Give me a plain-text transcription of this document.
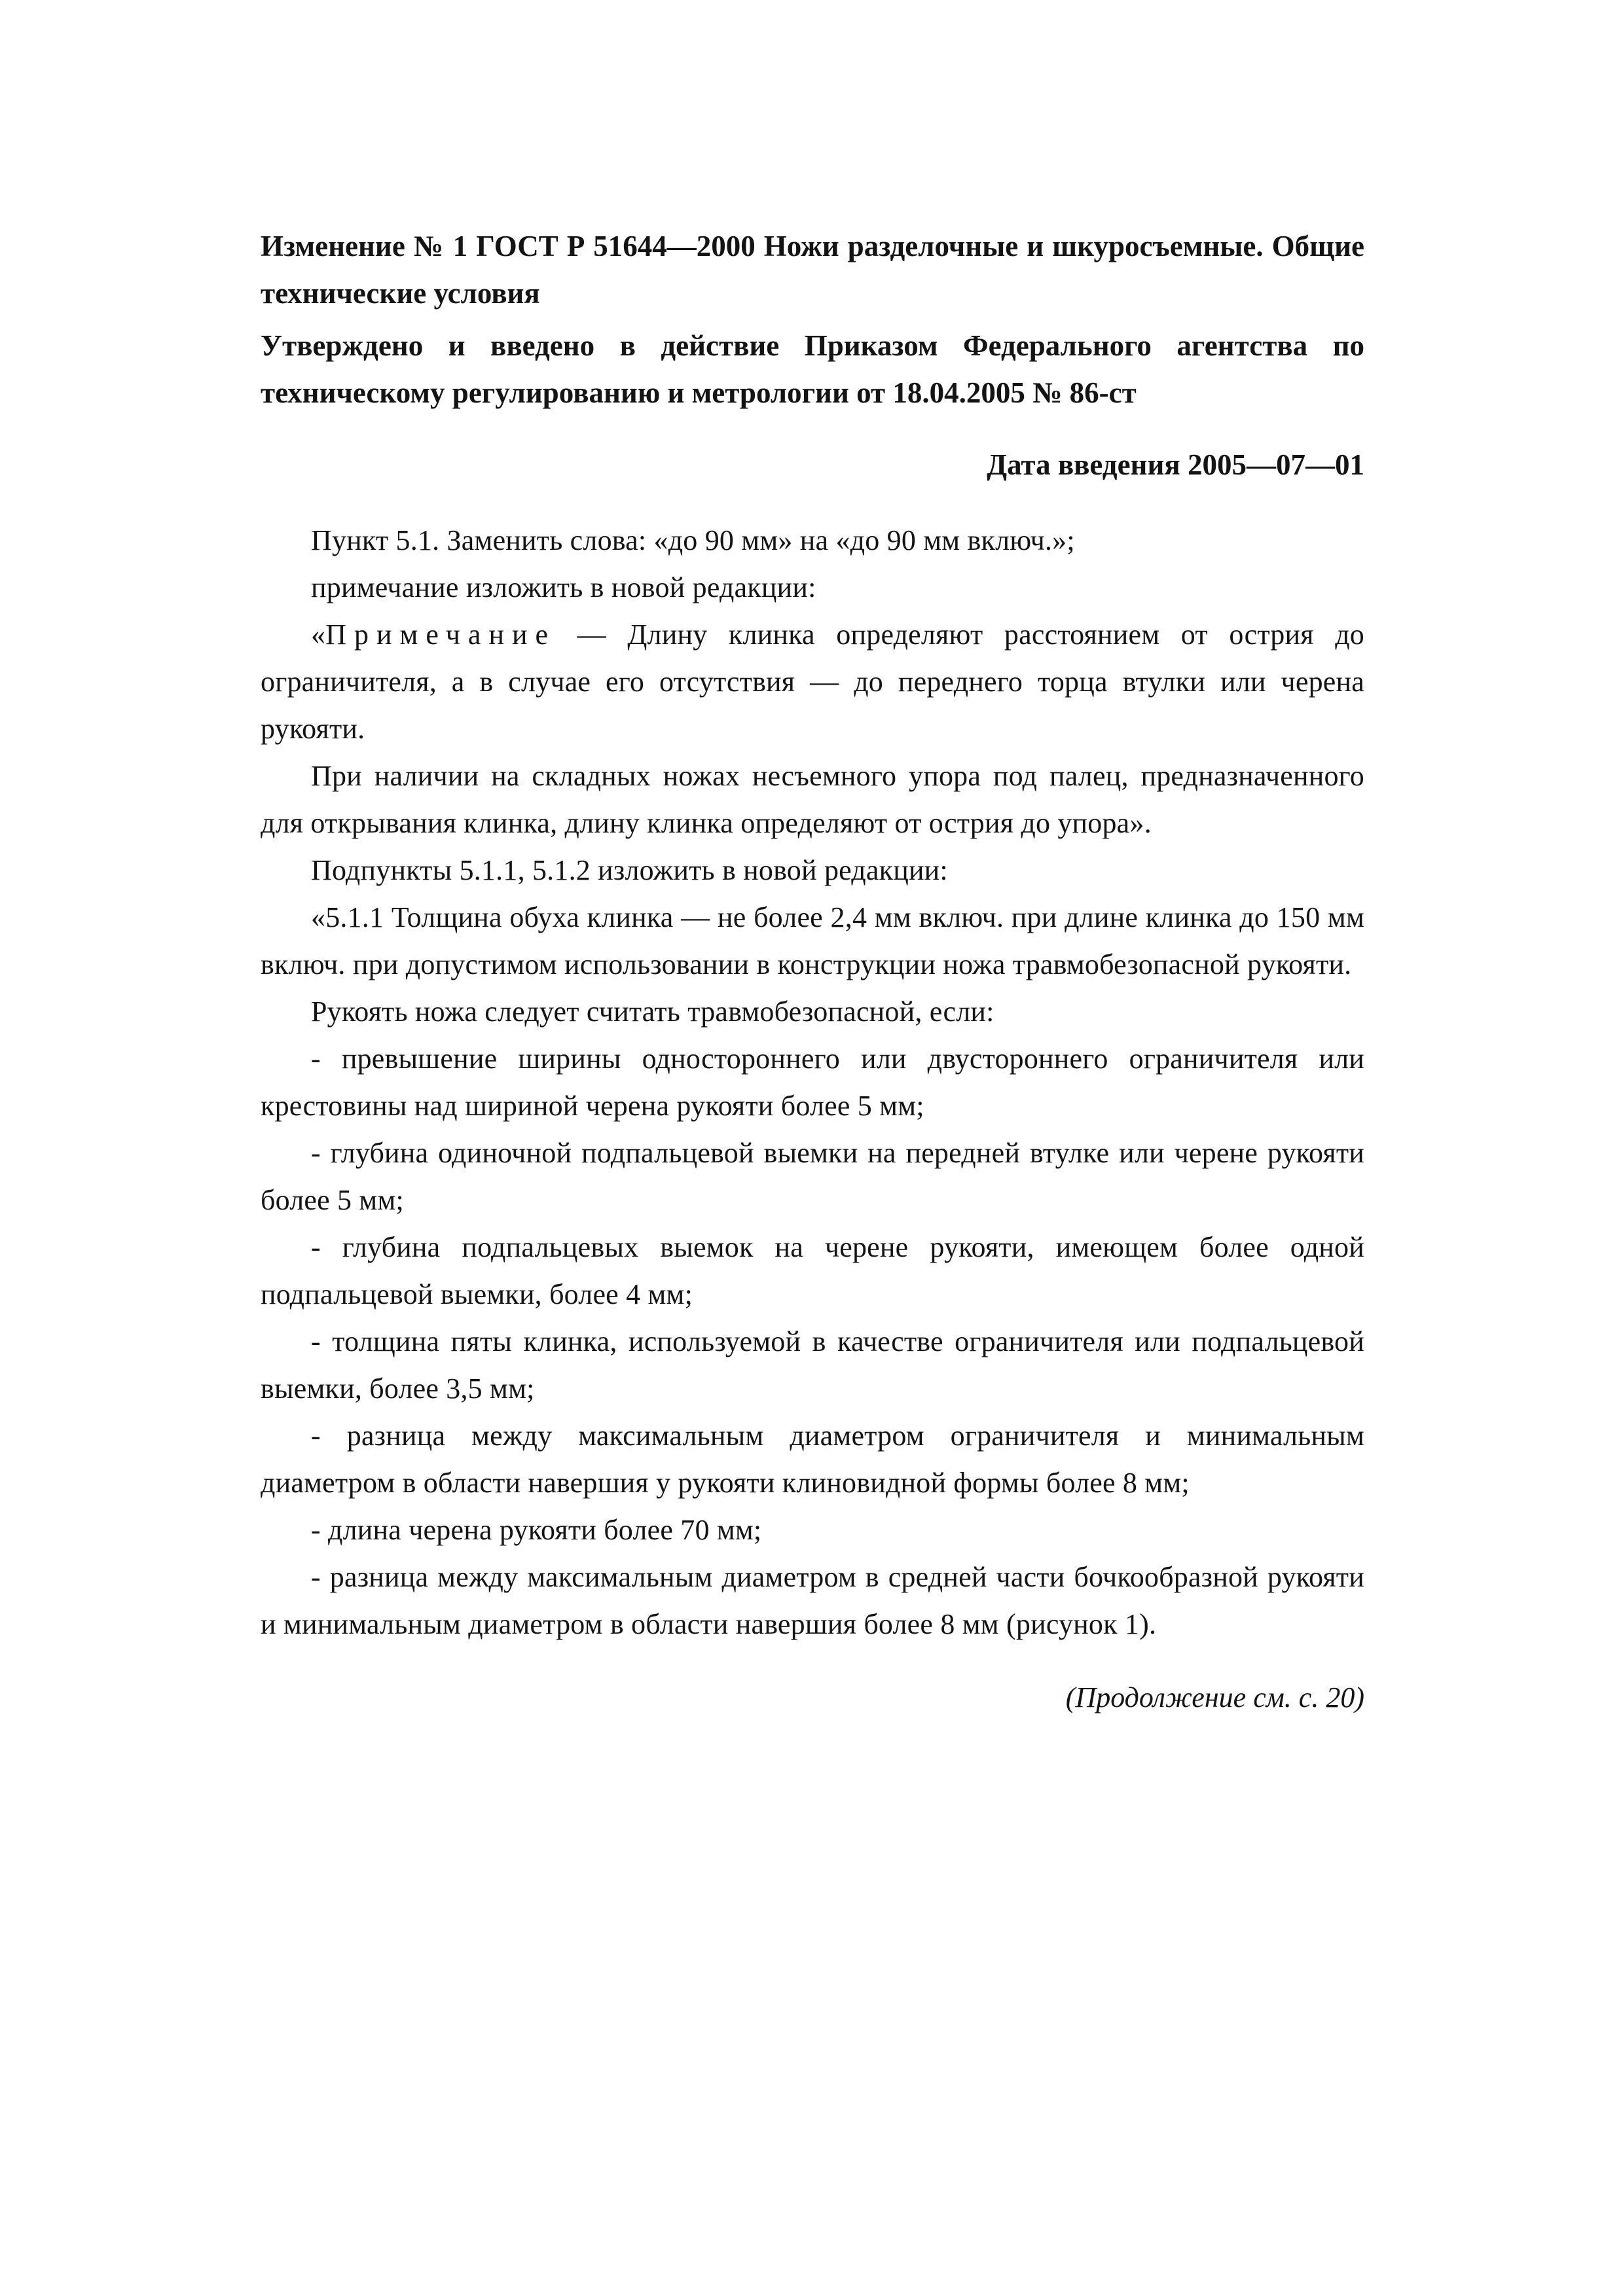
Изменение № 1 ГОСТ Р 51644—2000 Ножи разделочные и шкуросъемные. Общие технические условия

Утверждено и введено в действие Приказом Федерального агентства по техническому регулированию и метрологии от 18.04.2005 № 86-ст

Дата введения 2005—07—01

Пункт 5.1. Заменить слова: «до 90 мм» на «до 90 мм включ.»;

примечание изложить в новой редакции:

«Примечание — Длину клинка определяют расстоянием от острия до ограничителя, а в случае его отсутствия — до переднего торца втулки или черена рукояти.

При наличии на складных ножах несъемного упора под палец, предназначенного для открывания клинка, длину клинка определяют от острия до упора».

Подпункты 5.1.1, 5.1.2 изложить в новой редакции:

«5.1.1 Толщина обуха клинка — не более 2,4 мм включ. при длине клинка до 150 мм включ. при допустимом использовании в конструкции ножа травмобезопасной рукояти.

Рукоять ножа следует считать травмобезопасной, если:

- превышение ширины одностороннего или двустороннего ограничителя или крестовины над шириной черена рукояти более 5 мм;

- глубина одиночной подпальцевой выемки на передней втулке или черене рукояти более 5 мм;

- глубина подпальцевых выемок на черене рукояти, имеющем более одной подпальцевой выемки, более 4 мм;

- толщина пяты клинка, используемой в качестве ограничителя или подпальцевой выемки, более 3,5 мм;

- разница между максимальным диаметром ограничителя и минимальным диаметром в области навершия у рукояти клиновидной формы более 8 мм;

- длина черена рукояти более 70 мм;

- разница между максимальным диаметром в средней части бочкообразной рукояти и минимальным диаметром в области навершия более 8 мм (рисунок 1).

(Продолжение см. с. 20)
